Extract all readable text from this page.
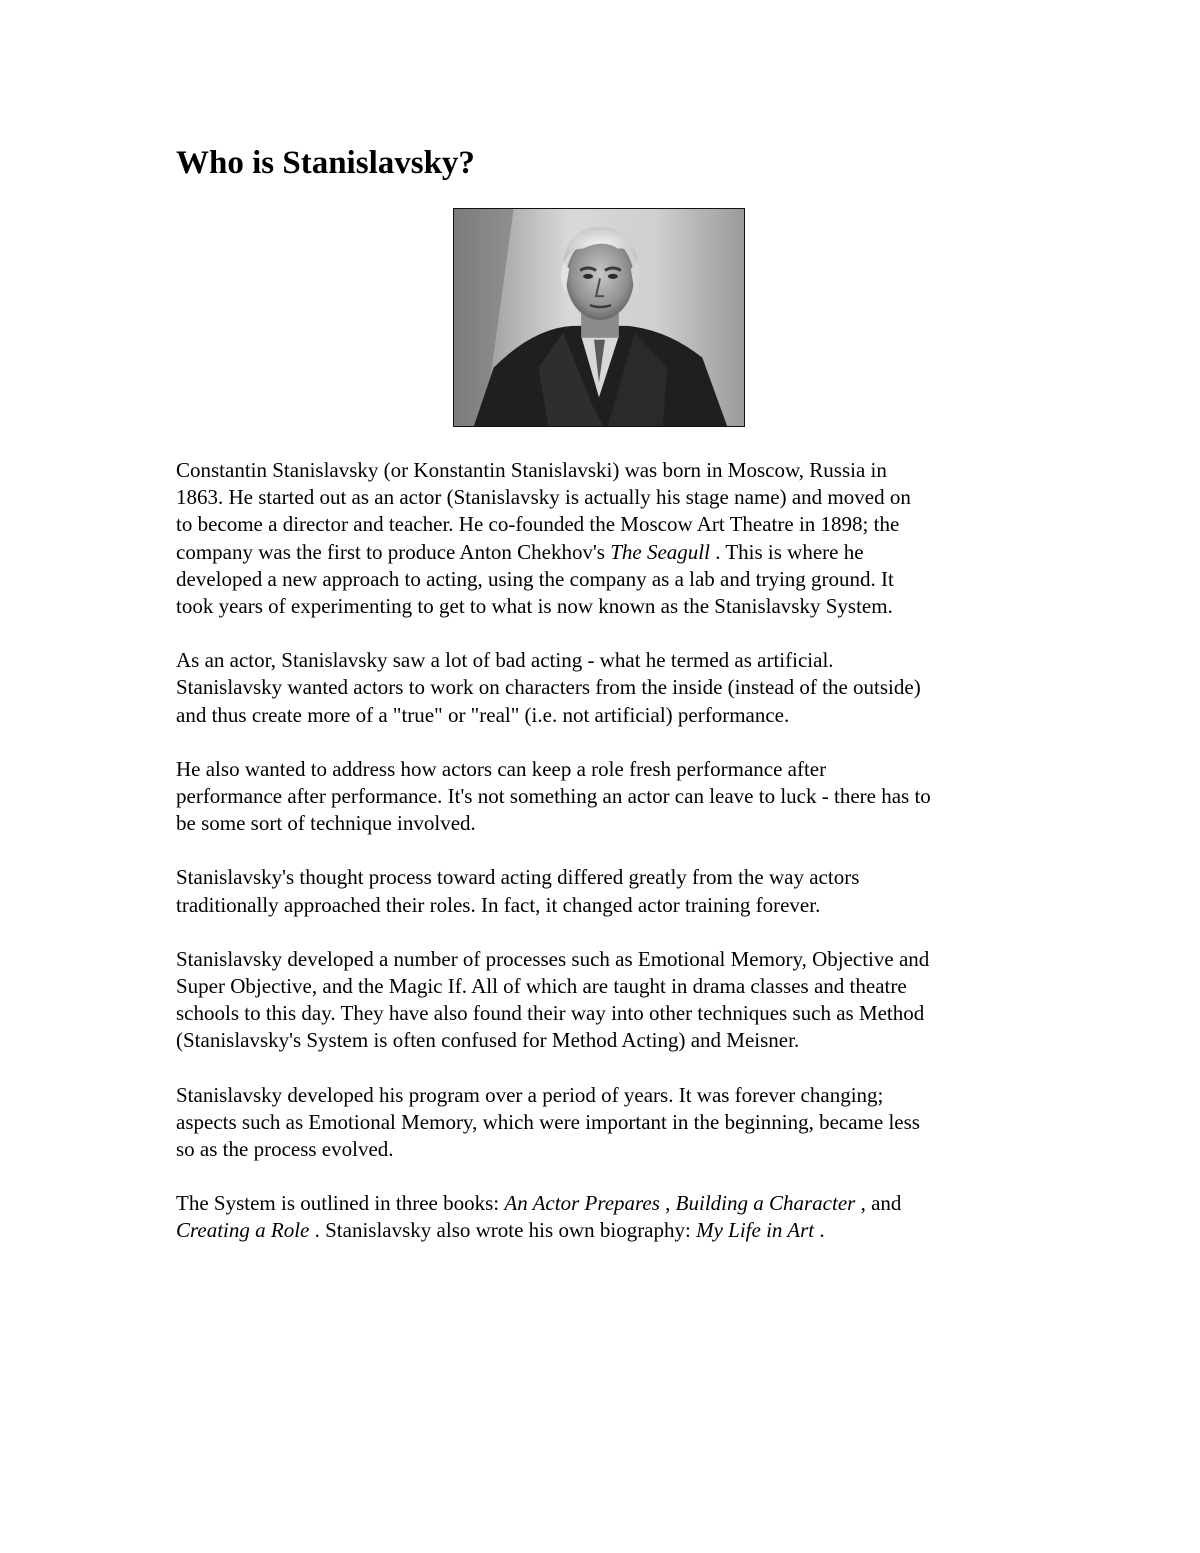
Who is Stanislavsky?

Constantin Stanislavsky (or Konstantin Stanislavski) was born in Moscow, Russia in
1863. He started out as an actor (Stanislavsky is actually his stage name) and moved on
to become a director and teacher. He co-founded the Moscow Art Theatre in 1898; the
company was the first to produce Anton Chekhov's The Seagull . This is where he
developed a new approach to acting, using the company as a lab and trying ground. It
took years of experimenting to get to what is now known as the Stanislavsky System.

As an actor, Stanislavsky saw a lot of bad acting - what he termed as artificial.
Stanislavsky wanted actors to work on characters from the inside (instead of the outside)
and thus create more of a "true" or "real" (i.e. not artificial) performance.

He also wanted to address how actors can keep a role fresh performance after
performance after performance. It's not something an actor can leave to luck - there has to
be some sort of technique involved.

Stanislavsky's thought process toward acting differed greatly from the way actors
traditionally approached their roles. In fact, it changed actor training forever.

Stanislavsky developed a number of processes such as Emotional Memory, Objective and
Super Objective, and the Magic If. All of which are taught in drama classes and theatre
schools to this day. They have also found their way into other techniques such as Method
(Stanislavsky's System is often confused for Method Acting) and Meisner.

Stanislavsky developed his program over a period of years. It was forever changing;
aspects such as Emotional Memory, which were important in the beginning, became less
so as the process evolved.

The System is outlined in three books: An Actor Prepares , Building a Character , and
Creating a Role . Stanislavsky also wrote his own biography: My Life in Art .
